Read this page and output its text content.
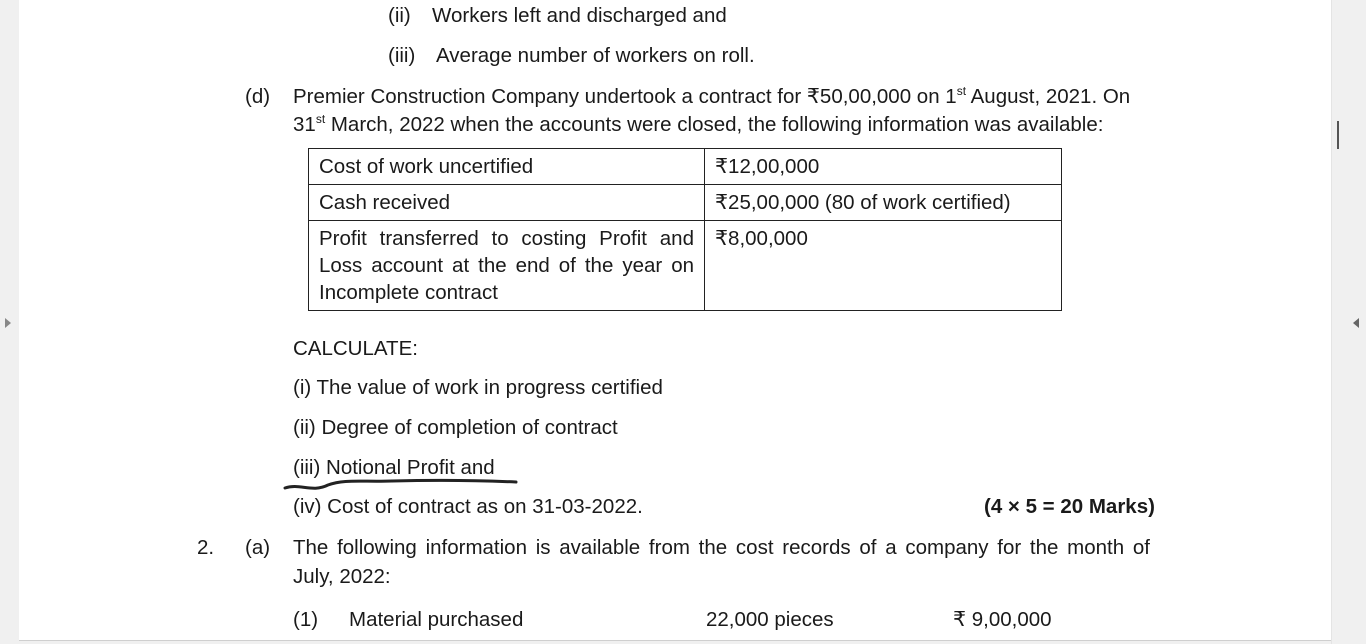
(ii) Workers left and discharged and
(iii) Average number of workers on roll.
(d) Premier Construction Company undertook a contract for ₹50,00,000 on 1st August, 2021. On
31st March, 2022 when the accounts were closed, the following information was available:
Cost of work uncertified	₹12,00,000
Cash received	₹25,00,000 (80 of work certified)
Profit transferred to costing Profit and Loss account at the end of the year on Incomplete contract	₹8,00,000
CALCULATE:
(i) The value of work in progress certified
(ii) Degree of completion of contract
(iii) Notional Profit and
(iv) Cost of contract as on 31-03-2022.	(4 × 5 = 20 Marks)
2. (a) The following information is available from the cost records of a company for the month of
July, 2022:
(1) Material purchased	22,000 pieces	₹ 9,00,000
